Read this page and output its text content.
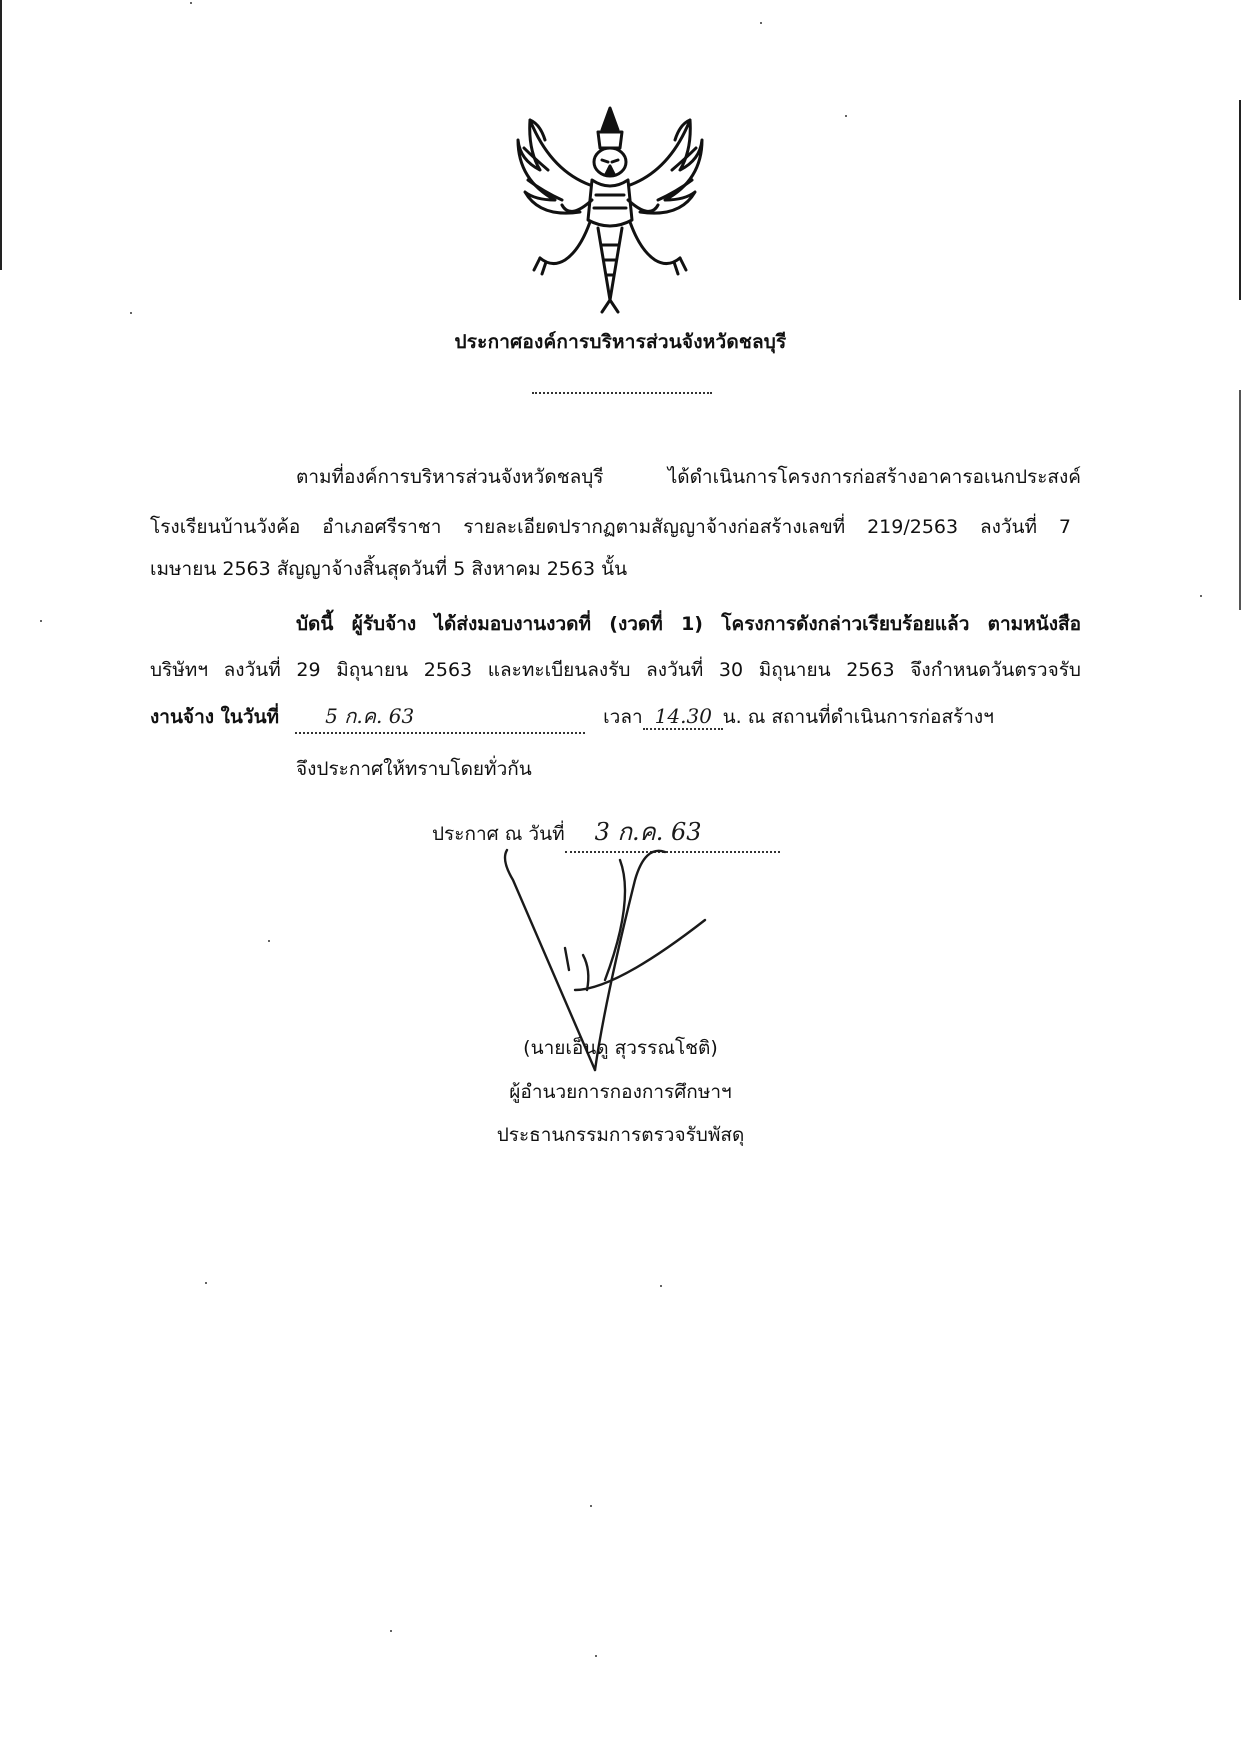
ประกาศองค์การบริหารส่วนจังหวัดชลบุรี
ตามที่องค์การบริหารส่วนจังหวัดชลบุรี ได้ดำเนินการโครงการก่อสร้างอาคารอเนกประสงค์
โรงเรียนบ้านวังค้อ อำเภอศรีราชา รายละเอียดปรากฏตามสัญญาจ้างก่อสร้างเลขที่ 219/2563 ลงวันที่ 7
เมษายน 2563 สัญญาจ้างสิ้นสุดวันที่ 5 สิงหาคม 2563 นั้น
บัดนี้ ผู้รับจ้าง ได้ส่งมอบงานงวดที่ (งวดที่ 1) โครงการดังกล่าวเรียบร้อยแล้ว ตามหนังสือ
บริษัทฯ ลงวันที่ 29 มิถุนายน 2563 และทะเบียนลงรับ ลงวันที่ 30 มิถุนายน 2563 จึงกำหนดวันตรวจรับ
งานจ้าง ในวันที่ 5 ก.ค. 63	เวลา 14.30 น. ณ สถานที่ดำเนินการก่อสร้างฯ
จึงประกาศให้ทราบโดยทั่วกัน
ประกาศ ณ วันที่ 3 ก.ค. 63
(นายเอ็นดู สุวรรณโชติ)
ผู้อำนวยการกองการศึกษาฯ
ประธานกรรมการตรวจรับพัสดุ
